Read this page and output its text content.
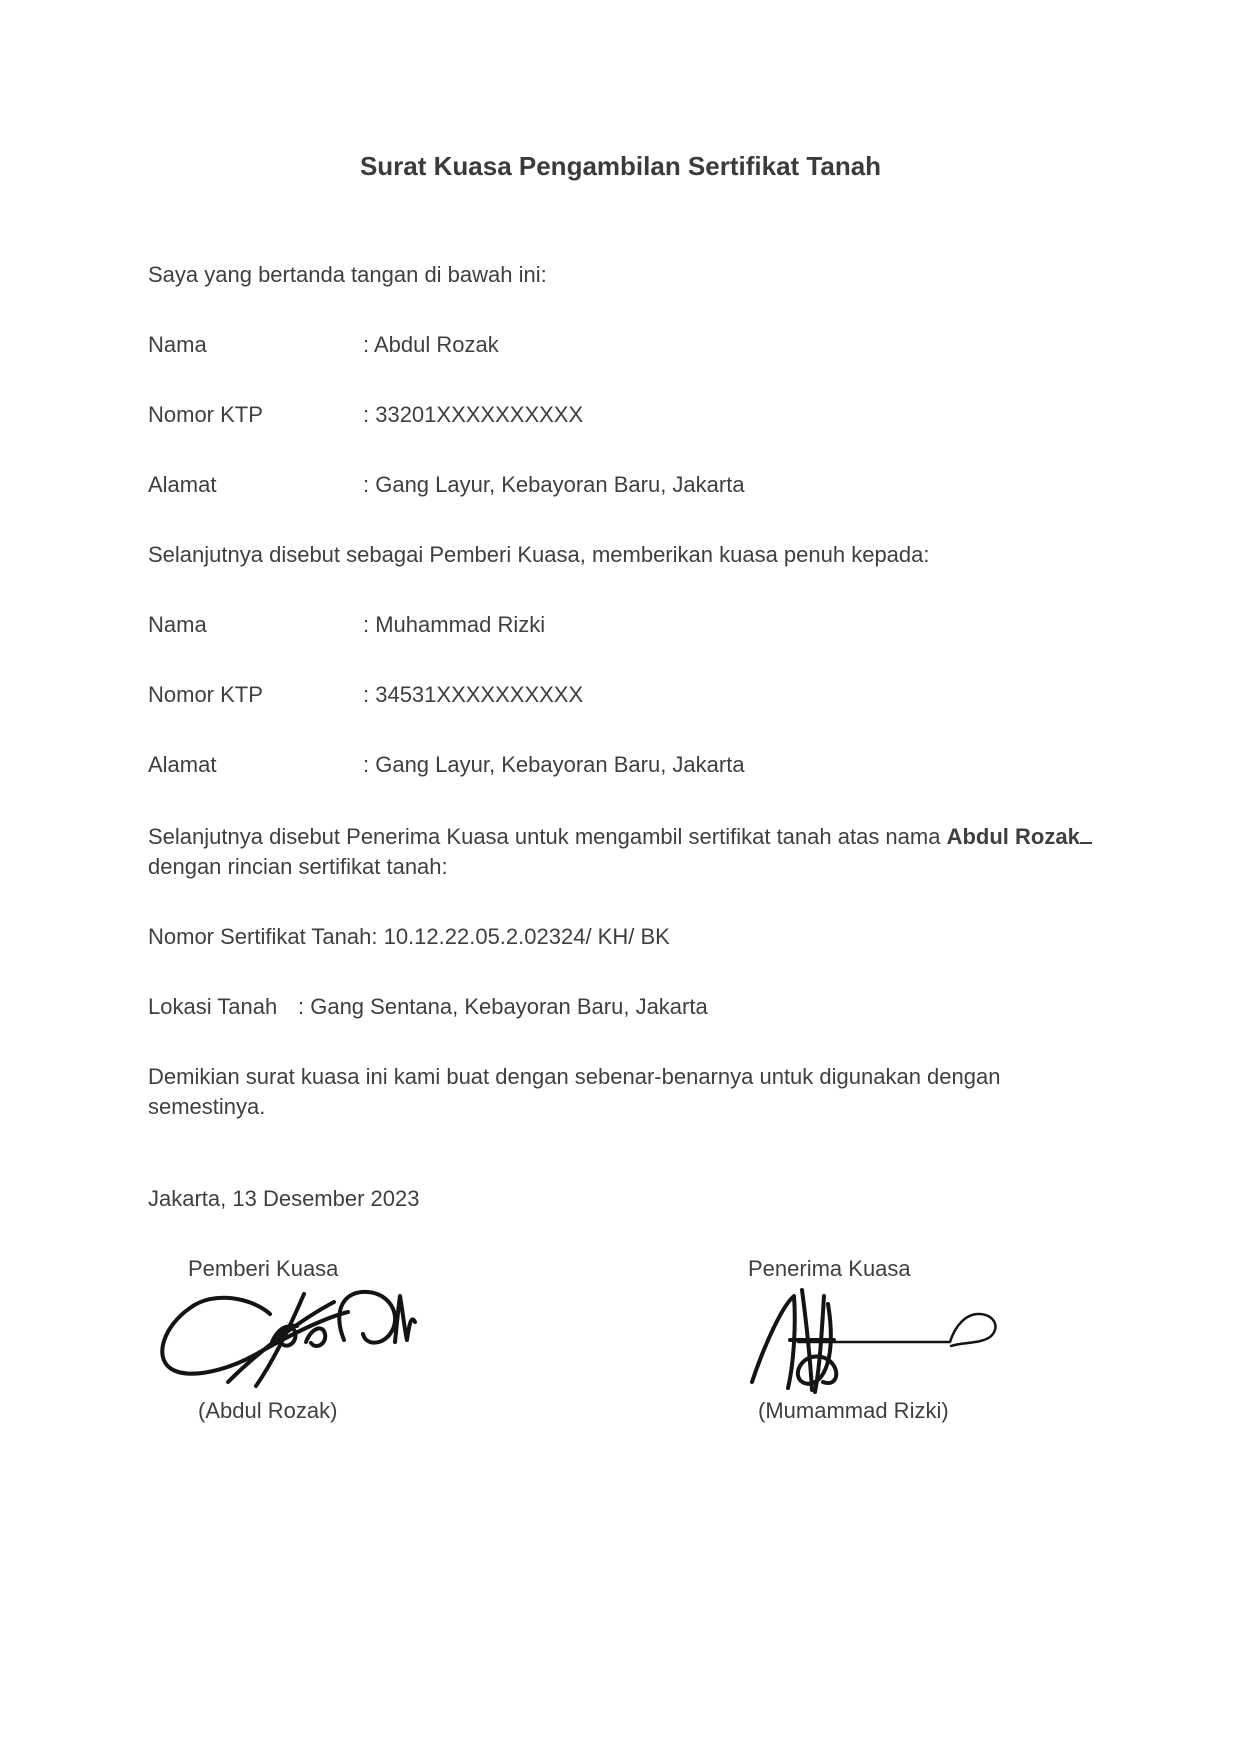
Surat Kuasa Pengambilan Sertifikat Tanah

Saya yang bertanda tangan di bawah ini:

Nama	: Abdul Rozak
Nomor KTP	: 33201XXXXXXXXXX
Alamat	: Gang Layur, Kebayoran Baru, Jakarta

Selanjutnya disebut sebagai Pemberi Kuasa, memberikan kuasa penuh kepada:

Nama	: Muhammad Rizki
Nomor KTP	: 34531XXXXXXXXXX
Alamat	: Gang Layur, Kebayoran Baru, Jakarta

Selanjutnya disebut Penerima Kuasa untuk mengambil sertifikat tanah atas nama Abdul Rozakdengan rincian sertifikat tanah:

Nomor Sertifikat Tanah: 10.12.22.05.2.02324/ KH/ BK

Lokasi Tanah : Gang Sentana, Kebayoran Baru, Jakarta

Demikian surat kuasa ini kami buat dengan sebenar-benarnya untuk digunakan dengan semestinya.

Jakarta, 13 Desember 2023

Pemberi Kuasa
(Abdul Rozak)
Penerima Kuasa
(Mumammad Rizki)
